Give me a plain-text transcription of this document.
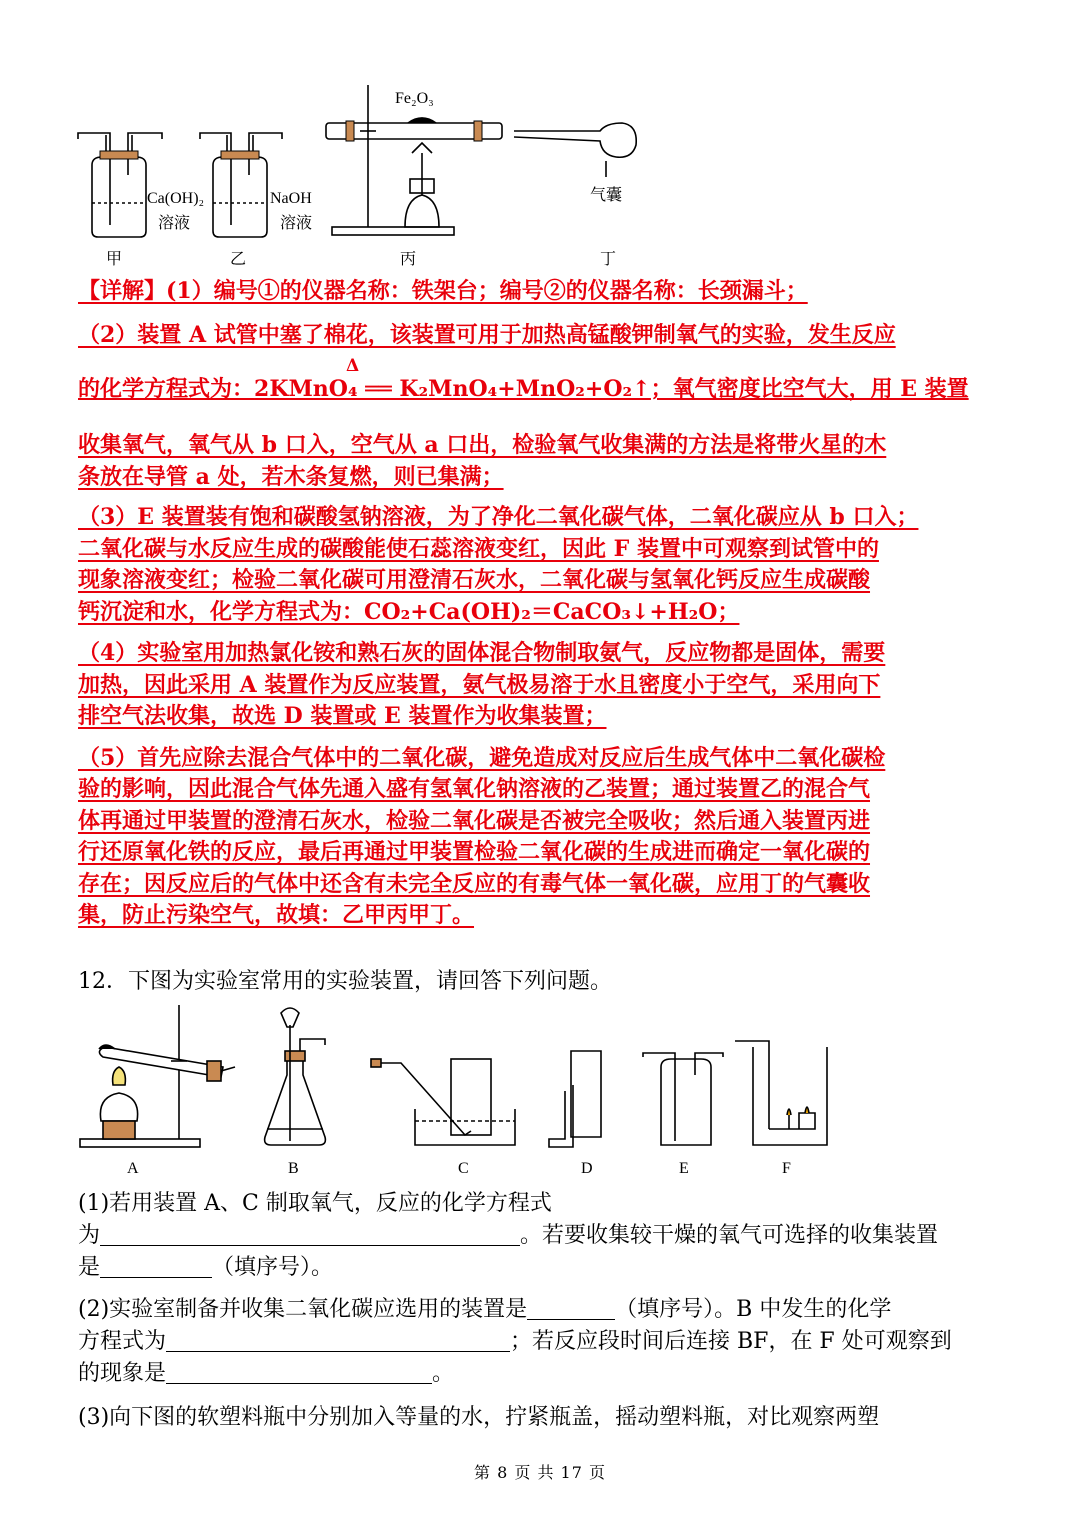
Fe₂O₃
Ca(OH)₂
溶液
NaOH
溶液
气囊
甲	乙	丙	丁

【详解】(1）编号①的仪器名称：铁架台；编号②的仪器名称：长颈漏斗；

（2）装置 A 试管中塞了棉花，该装置可用于加热高锰酸钾制氧气的实验，发生反应

的化学方程式为：
Δ
2KMnO₄ ══ K₂MnO₄+MnO₂+O₂↑；氧气密度比空气大，用 E 装置

收集氧气，氧气从 b 口入，空气从 a 口出，检验氧气收集满的方法是将带火星的木

条放在导管 a 处，若木条复燃，则已集满；

（3）E 装置装有饱和碳酸氢钠溶液，为了净化二氧化碳气体，二氧化碳应从 b 口入；

二氧化碳与水反应生成的碳酸能使石蕊溶液变红，因此 F 装置中可观察到试管中的

现象溶液变红；检验二氧化碳可用澄清石灰水，二氧化碳与氢氧化钙反应生成碳酸

钙沉淀和水，化学方程式为：CO₂+Ca(OH)₂＝CaCO₃↓+H₂O；

（4）实验室用加热氯化铵和熟石灰的固体混合物制取氨气，反应物都是固体，需要

加热，因此采用 A 装置作为反应装置，氨气极易溶于水且密度小于空气，采用向下

排空气法收集，故选 D 装置或 E 装置作为收集装置；

（5）首先应除去混合气体中的二氧化碳，避免造成对反应后生成气体中二氧化碳检

验的影响，因此混合气体先通入盛有氢氧化钠溶液的乙装置；通过装置乙的混合气

体再通过甲装置的澄清石灰水，检验二氧化碳是否被完全吸收；然后通入装置丙进

行还原氧化铁的反应，最后再通过甲装置检验二氧化碳的生成进而确定一氧化碳的

存在；因反应后的气体中还含有未完全反应的有毒气体一氧化碳，应用丁的气囊收

集，防止污染空气，故填：乙甲丙甲丁。

12．下图为实验室常用的实验装置，请回答下列问题。
A	B	C	D	E	F
(1)若用装置 A、C 制取氧气，反应的化学方程式
为	。若要收集较干燥的氧气可选择的收集装置
是	（填序号）。
(2)实验室制备并收集二氧化碳应选用的装置是	（填序号）。B 中发生的化学
方程式为	；若反应段时间后连接 BF，在 F 处可观察到
的现象是	。
(3)向下图的软塑料瓶中分别加入等量的水，拧紧瓶盖，摇动塑料瓶，对比观察两塑
第 8 页 共 17 页
